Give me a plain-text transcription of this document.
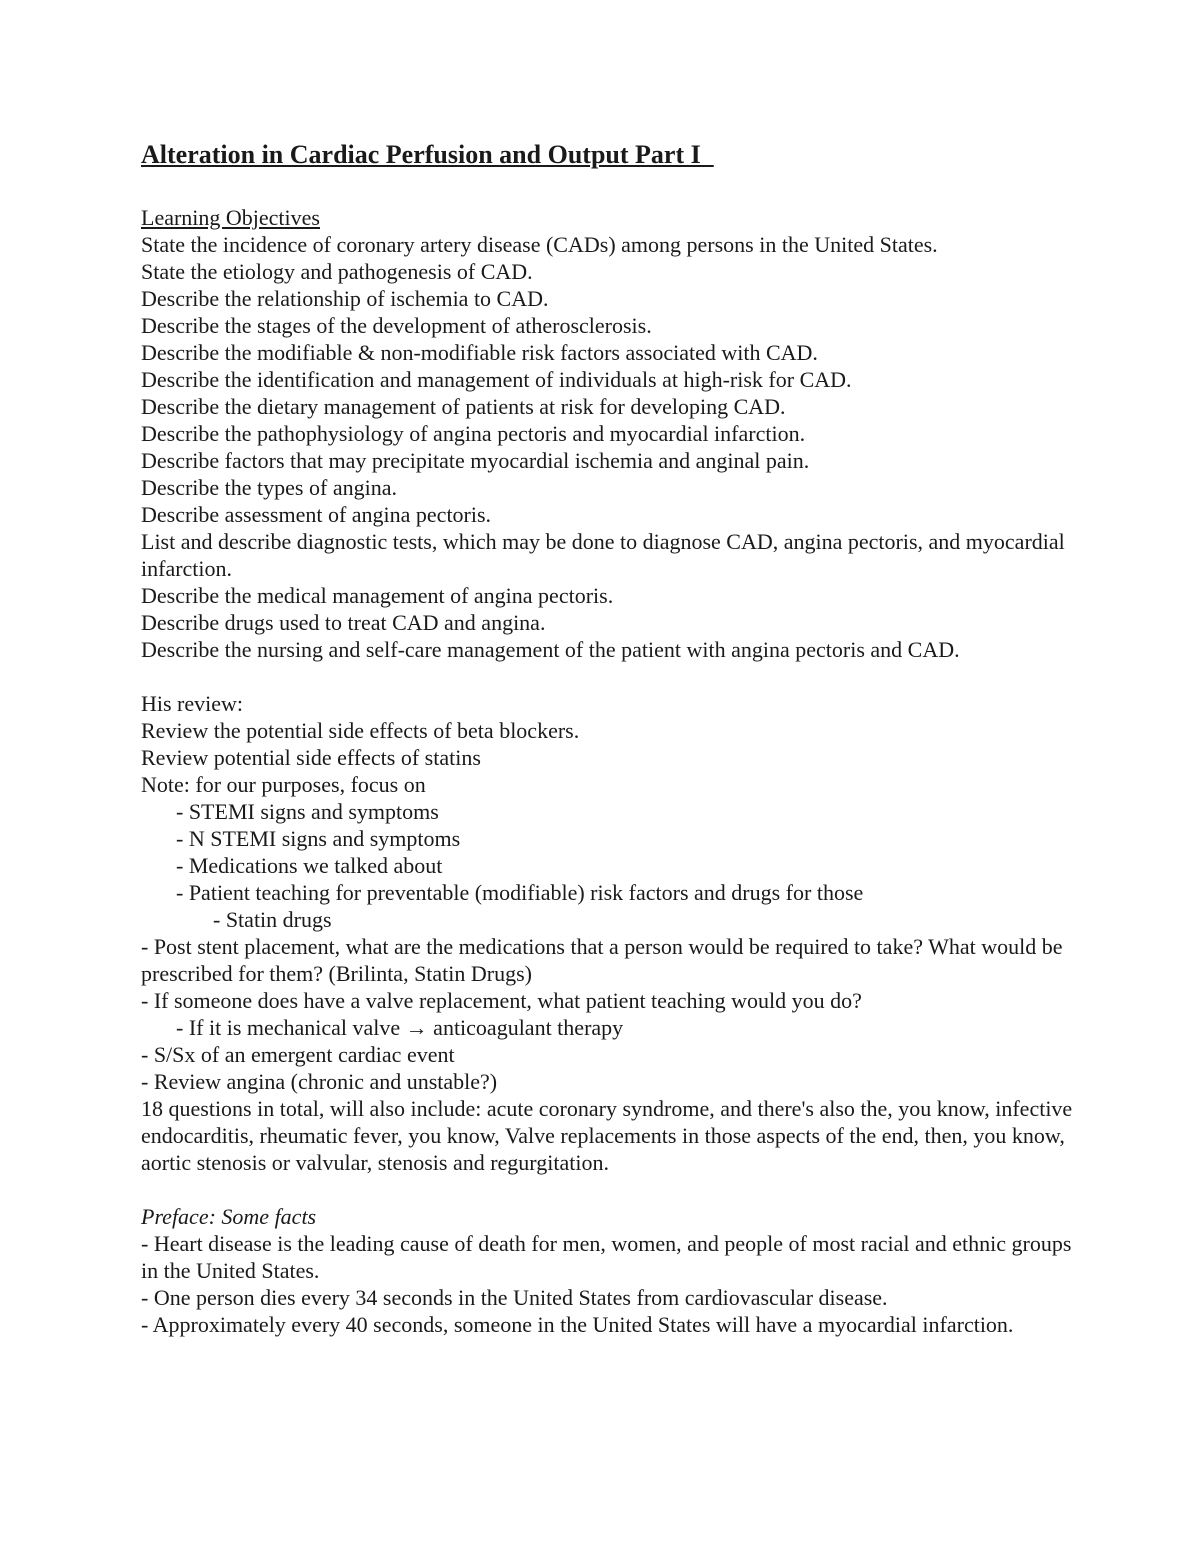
Alteration in Cardiac Perfusion and Output Part I
Learning Objectives
State the incidence of coronary artery disease (CADs) among persons in the United States.
State the etiology and pathogenesis of CAD.
Describe the relationship of ischemia to CAD.
Describe the stages of the development of atherosclerosis.
Describe the modifiable & non-modifiable risk factors associated with CAD.
Describe the identification and management of individuals at high-risk for CAD.
Describe the dietary management of patients at risk for developing CAD.
Describe the pathophysiology of angina pectoris and myocardial infarction.
Describe factors that may precipitate myocardial ischemia and anginal pain.
Describe the types of angina.
Describe assessment of angina pectoris.
List and describe diagnostic tests, which may be done to diagnose CAD, angina pectoris, and myocardial infarction.
Describe the medical management of angina pectoris.
Describe drugs used to treat CAD and angina.
Describe the nursing and self-care management of the patient with angina pectoris and CAD.
His review:
Review the potential side effects of beta blockers.
Review potential side effects of statins
Note: for our purposes, focus on
- STEMI signs and symptoms
- N STEMI signs and symptoms
- Medications we talked about
- Patient teaching for preventable (modifiable) risk factors and drugs for those
- Statin drugs
- Post stent placement, what are the medications that a person would be required to take? What would be prescribed for them? (Brilinta, Statin Drugs)
- If someone does have a valve replacement, what patient teaching would you do?
- If it is mechanical valve → anticoagulant therapy
- S/Sx of an emergent cardiac event
- Review angina (chronic and unstable?)
18 questions in total, will also include: acute coronary syndrome, and there's also the, you know, infective endocarditis, rheumatic fever, you know, Valve replacements in those aspects of the end, then, you know, aortic stenosis or valvular, stenosis and regurgitation.
Preface: Some facts
- Heart disease is the leading cause of death for men, women, and people of most racial and ethnic groups in the United States.
- One person dies every 34 seconds in the United States from cardiovascular disease.
- Approximately every 40 seconds, someone in the United States will have a myocardial infarction.
